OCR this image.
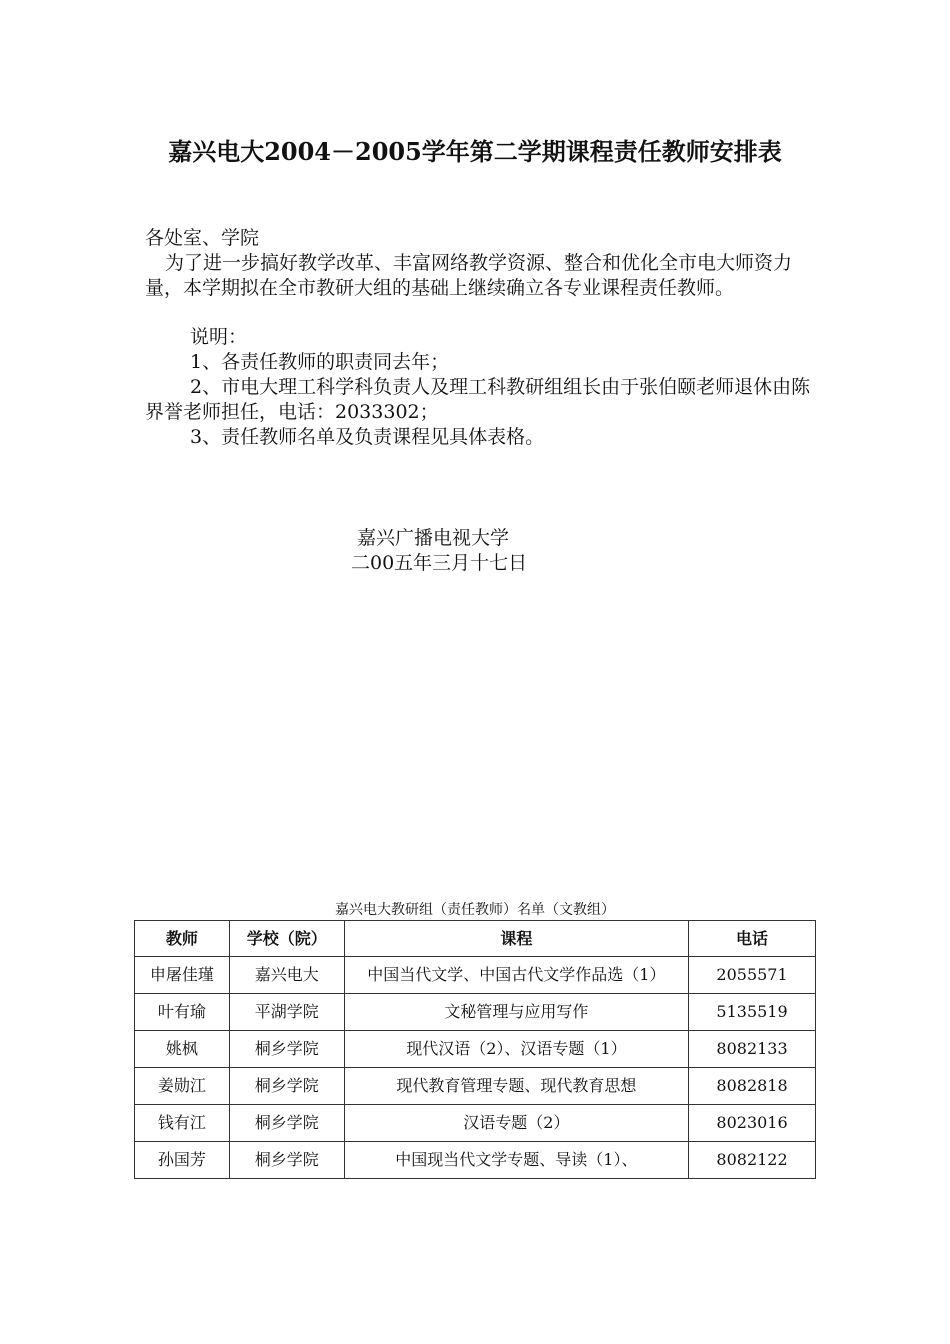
嘉兴电大2004－2005学年第二学期课程责任教师安排表
各处室、学院
为了进一步搞好教学改革、丰富网络教学资源、整合和优化全市电大师资力量，本学期拟在全市教研大组的基础上继续确立各专业课程责任教师。
说明：
1、各责任教师的职责同去年；
2、市电大理工科学科负责人及理工科教研组组长由于张伯颐老师退休由陈界誉老师担任，电话：2033302；
3、责任教师名单及负责课程见具体表格。
嘉兴广播电视大学
二00五年三月十七日
嘉兴电大教研组（责任教师）名单（文教组）
教师	学校（院）	课程	电话
申屠佳瑾	嘉兴电大	中国当代文学、中国古代文学作品选（1）	2055571
叶有瑜	平湖学院	文秘管理与应用写作	5135519
姚枫	桐乡学院	现代汉语（2）、汉语专题（1）	8082133
姜勋江	桐乡学院	现代教育管理专题、现代教育思想	8082818
钱有江	桐乡学院	汉语专题（2）	8023016
孙国芳	桐乡学院	中国现当代文学专题、导读（1）、	8082122
